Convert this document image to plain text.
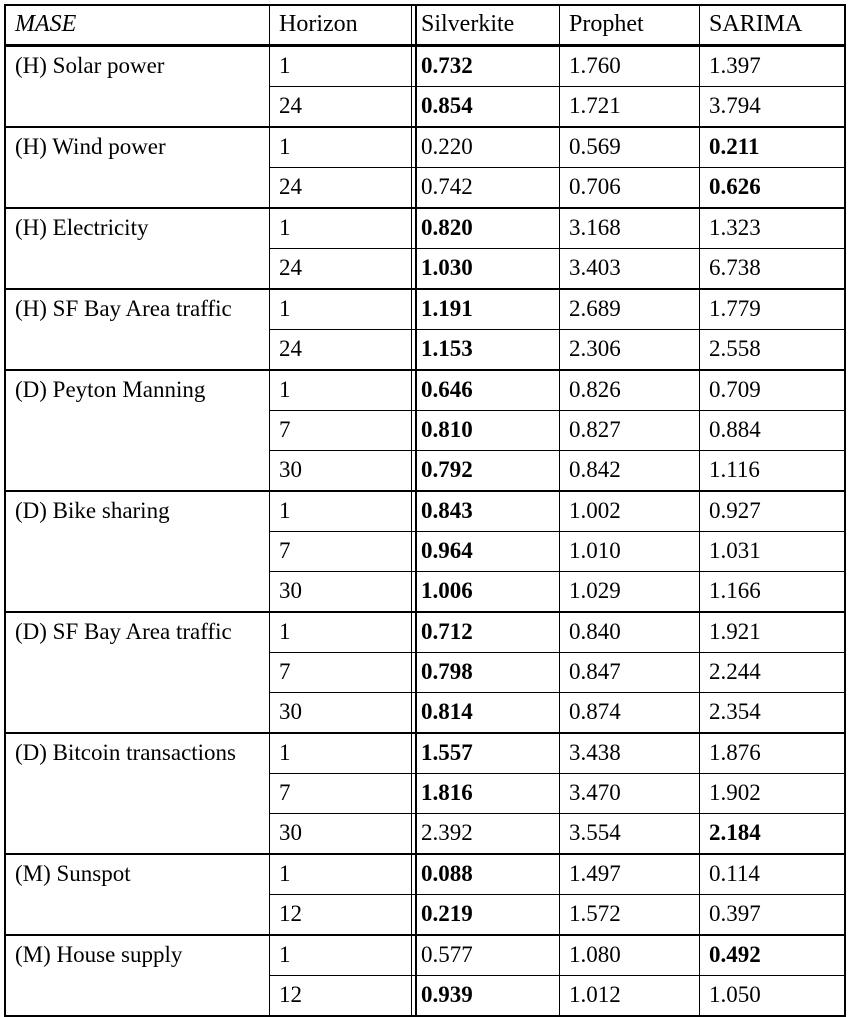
MASE	Horizon	Silverkite	Prophet	SARIMA
(H) Solar power	1	0.732	1.760	1.397
	24	0.854	1.721	3.794
(H) Wind power	1	0.220	0.569	0.211
	24	0.742	0.706	0.626
(H) Electricity	1	0.820	3.168	1.323
	24	1.030	3.403	6.738
(H) SF Bay Area traffic	1	1.191	2.689	1.779
	24	1.153	2.306	2.558
(D) Peyton Manning	1	0.646	0.826	0.709
	7	0.810	0.827	0.884
	30	0.792	0.842	1.116
(D) Bike sharing	1	0.843	1.002	0.927
	7	0.964	1.010	1.031
	30	1.006	1.029	1.166
(D) SF Bay Area traffic	1	0.712	0.840	1.921
	7	0.798	0.847	2.244
	30	0.814	0.874	2.354
(D) Bitcoin transactions	1	1.557	3.438	1.876
	7	1.816	3.470	1.902
	30	2.392	3.554	2.184
(M) Sunspot	1	0.088	1.497	0.114
	12	0.219	1.572	0.397
(M) House supply	1	0.577	1.080	0.492
	12	0.939	1.012	1.050
